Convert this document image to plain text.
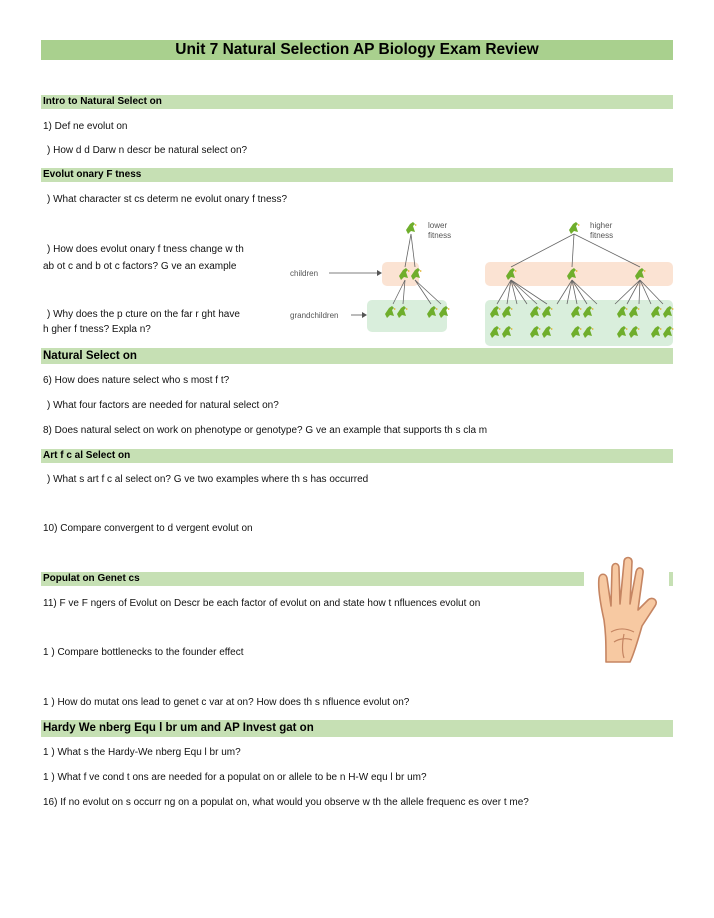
Unit 7 Natural Selection AP Biology Exam Review
Intro to Natural Select on
1) Def ne evolut on
) How d d Darw n descr be natural select on?
Evolut onary F tness
) What character st cs determ ne evolut onary f tness?
) How does evolut onary f tness change w th
ab ot c and b ot c factors? G ve an example
) Why does the p cture on the far r ght have
h gher f tness? Expla n?
lower
fitness
higher
fitness
children
grandchildren
Natural Select on
6) How does nature select who s most f t?
) What four factors are needed for natural select on?
8) Does natural select on work on phenotype or genotype? G ve an example that supports th s cla m
Art f c al Select on
) What s art f c al select on? G ve two examples where th s has occurred
10) Compare convergent to d vergent evolut on
Populat on Genet cs
11) F ve F ngers of Evolut on Descr be each factor of evolut on and state how t nfluences evolut on
1 ) Compare bottlenecks to the founder effect
1 ) How do mutat ons lead to genet c var at on? How does th s nfluence evolut on?
Hardy We nberg Equ l br um and AP Invest gat on
1 ) What s the Hardy-We nberg Equ l br um?
1 ) What f ve cond t ons are needed for a populat on or allele to be n H-W equ l br um?
16) If no evolut on s occurr ng on a populat on, what would you observe w th the allele frequenc es over t me?
